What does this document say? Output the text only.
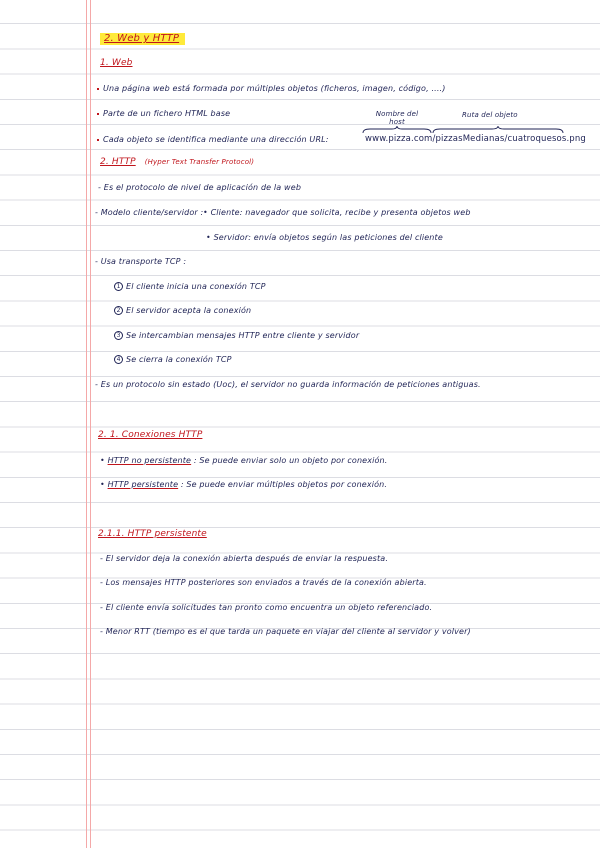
2. Web y HTTP
1. Web
Una página web está formada por múltiples objetos (ficheros, imagen, código, ....)
Parte de un fichero HTML base	Nombre del host
Ruta del objeto
Cada objeto se identifica mediante una dirección URL:	www.pizza.com/pizzasMedianas/cuatroquesos.png
2. HTTP (Hyper Text Transfer Protocol)
- Es el protocolo de nivel de aplicación de la web
- Modelo cliente/servidor : • Cliente: navegador que solicita, recibe y presenta objetos web
• Servidor: envía objetos según las peticiones del cliente
- Usa transporte TCP :
1 El cliente inicia una conexión TCP
2 El servidor acepta la conexión
3 Se intercambian mensajes HTTP entre cliente y servidor
4 Se cierra la conexión TCP
- Es un protocolo sin estado (Uoc), el servidor no guarda información de peticiones antiguas.
2. 1. Conexiones HTTP
• HTTP no persistente : Se puede enviar solo un objeto por conexión.
• HTTP persistente : Se puede enviar múltiples objetos por conexión.
2.1.1. HTTP persistente
- El servidor deja la conexión abierta después de enviar la respuesta.
- Los mensajes HTTP posteriores son enviados a través de la conexión abierta.
- El cliente envía solicitudes tan pronto como encuentra un objeto referenciado.
- Menor RTT (tiempo es el que tarda un paquete en viajar del cliente al servidor y volver)
